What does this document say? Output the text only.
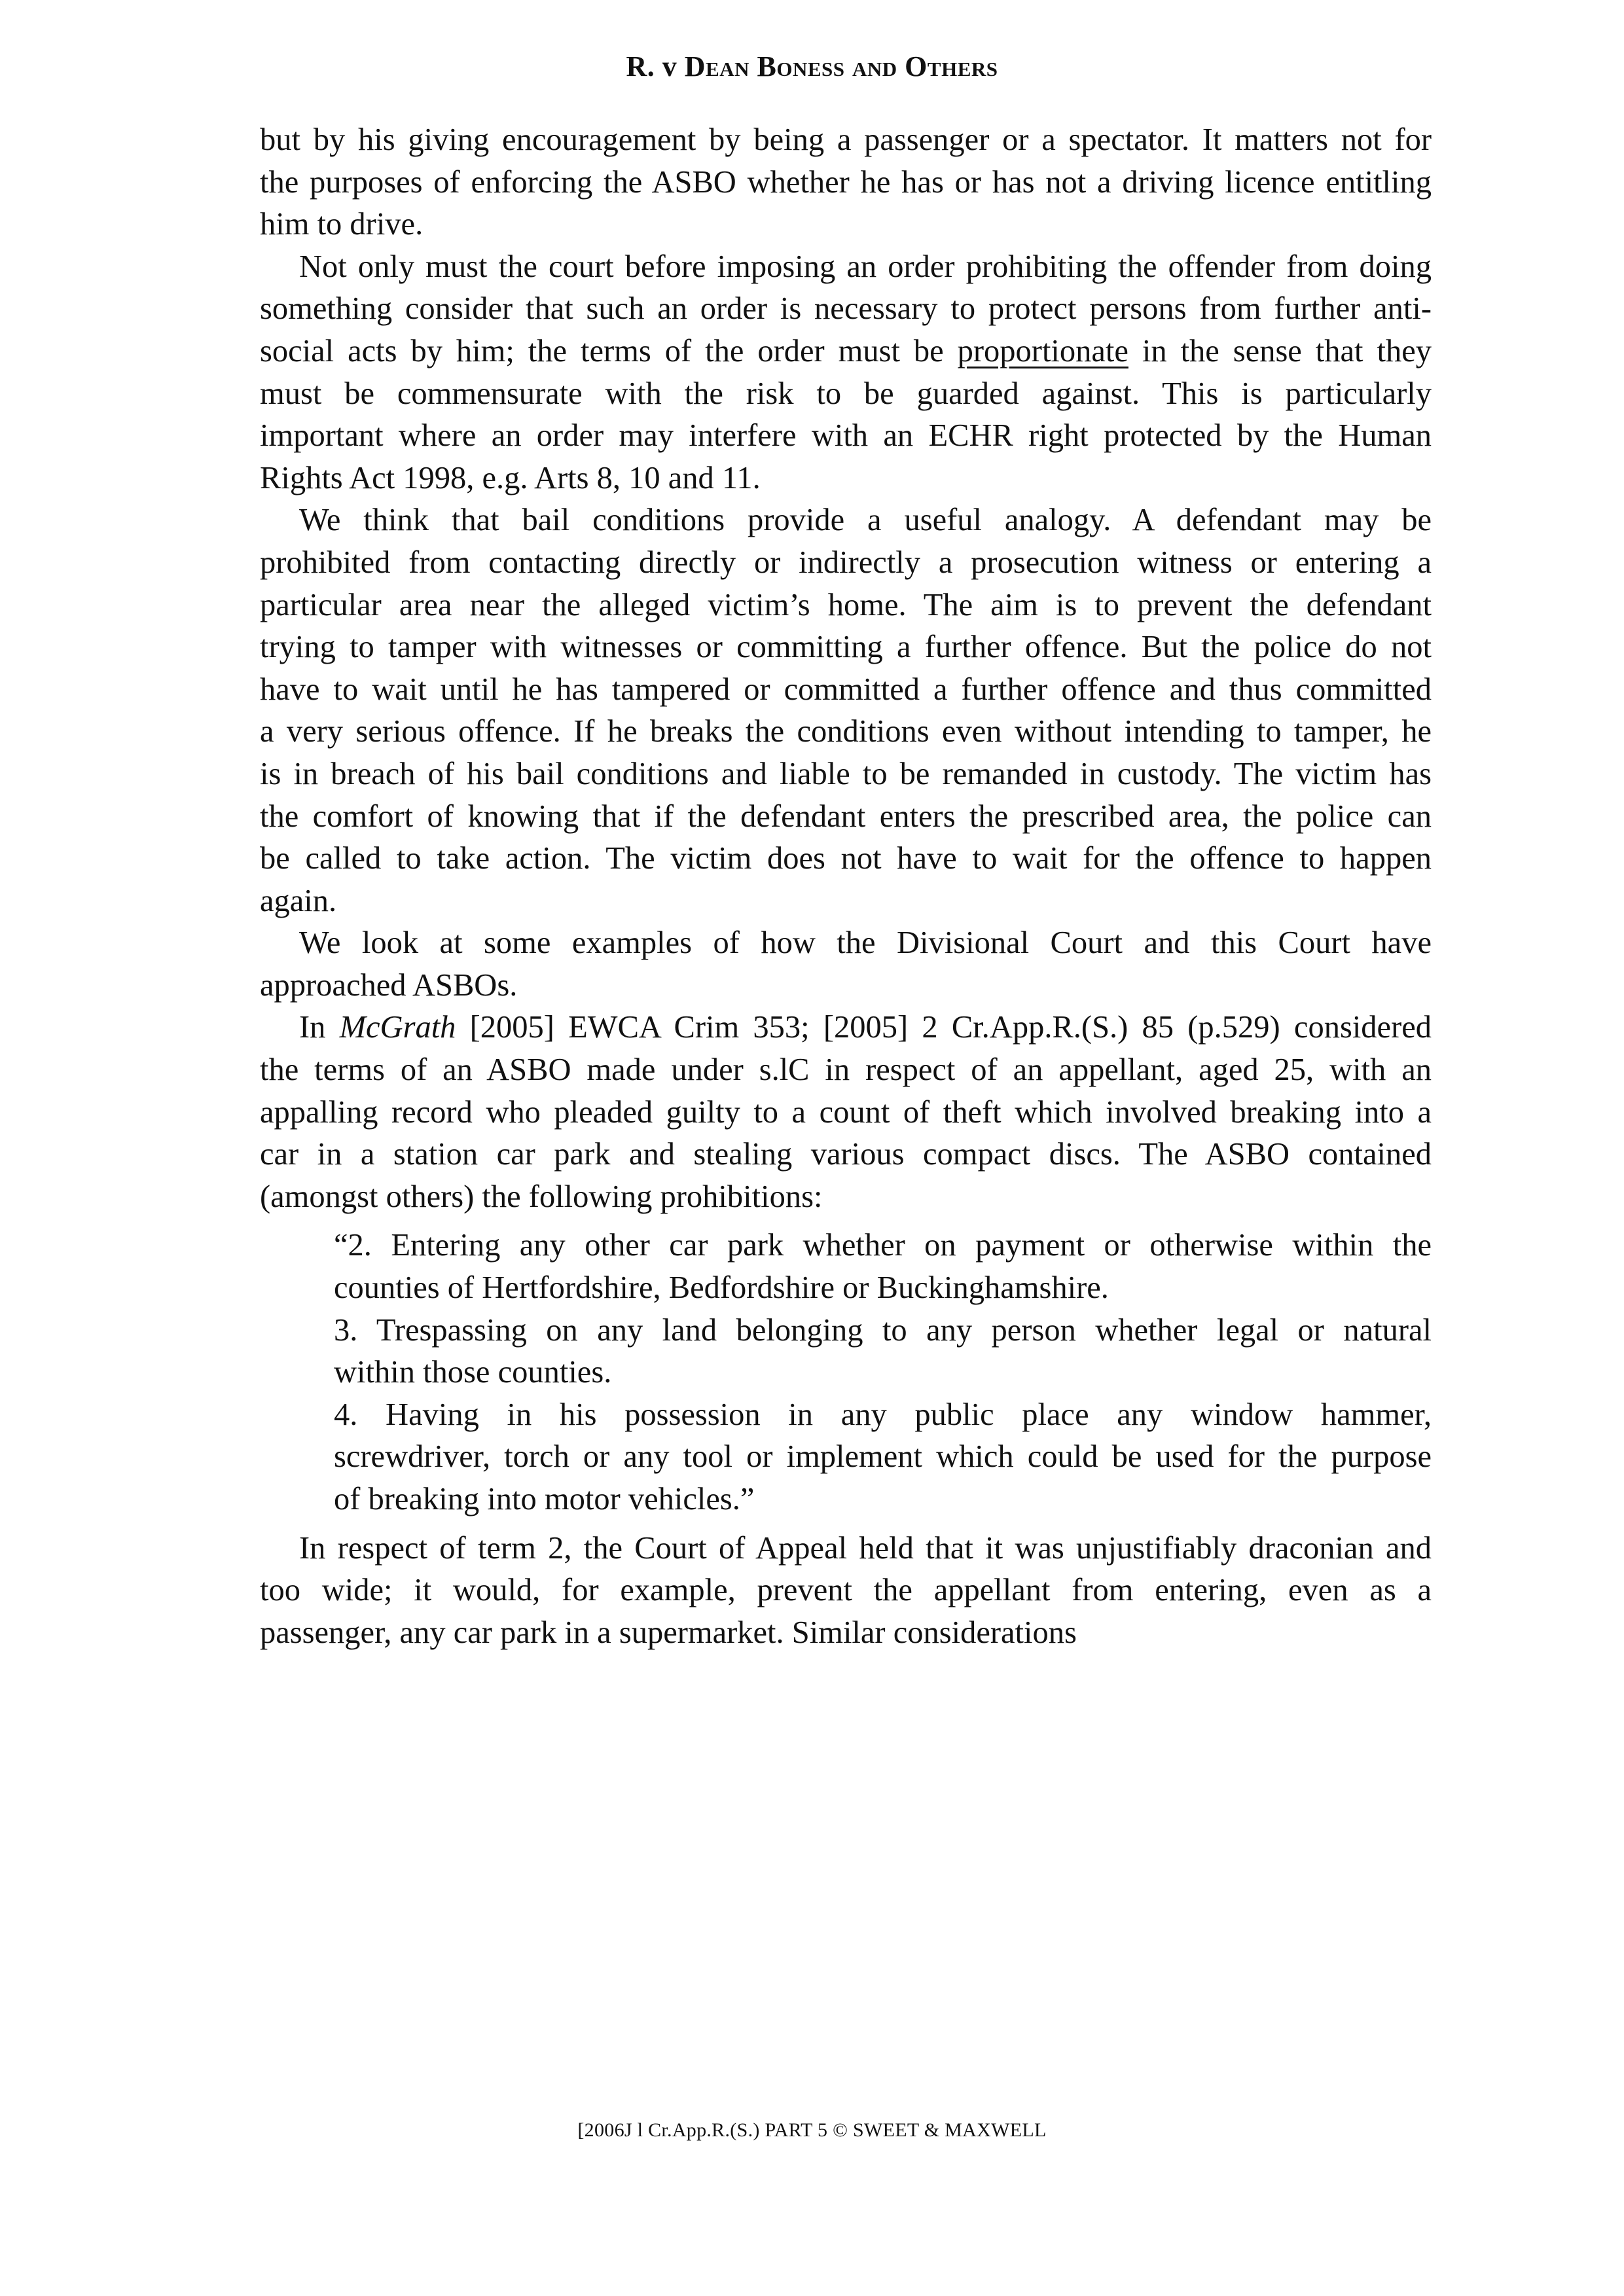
R. v Dean Boness and Others
but by his giving encouragement by being a passenger or a spectator. It matters not for
the purposes of enforcing the ASBO whether he has or has not a driving licence entitling
him to drive.
Not only must the court before imposing an order prohibiting the offender from doing
something consider that such an order is necessary to protect persons from further anti-
social acts by him; the terms of the order must be proportionate in the sense that they
must be commensurate with the risk to be guarded against. This is particularly
important where an order may interfere with an ECHR right protected by the Human
Rights Act 1998, e.g. Arts 8, 10 and 11.
We think that bail conditions provide a useful analogy. A defendant may be
prohibited from contacting directly or indirectly a prosecution witness or entering a
particular area near the alleged victim’s home. The aim is to prevent the defendant
trying to tamper with witnesses or committing a further offence. But the police do not
have to wait until he has tampered or committed a further offence and thus committed
a very serious offence. If he breaks the conditions even without intending to tamper, he
is in breach of his bail conditions and liable to be remanded in custody. The victim has
the comfort of knowing that if the defendant enters the prescribed area, the police can
be called to take action. The victim does not have to wait for the offence to happen
again.
We look at some examples of how the Divisional Court and this Court have
approached ASBOs.
In McGrath [2005] EWCA Crim 353; [2005] 2 Cr.App.R.(S.) 85 (p.529) considered
the terms of an ASBO made under s.lC in respect of an appellant, aged 25, with an
appalling record who pleaded guilty to a count of theft which involved breaking into a
car in a station car park and stealing various compact discs. The ASBO contained
(amongst others) the following prohibitions:
“2. Entering any other car park whether on payment or otherwise within the
counties of Hertfordshire, Bedfordshire or Buckinghamshire.
3. Trespassing on any land belonging to any person whether legal or natural
within those counties.
4. Having in his possession in any public place any window hammer,
screwdriver, torch or any tool or implement which could be used for the purpose
of breaking into motor vehicles.”
In respect of term 2, the Court of Appeal held that it was unjustifiably draconian and
too wide; it would, for example, prevent the appellant from entering, even as a
passenger, any car park in a supermarket. Similar considerations
[2006J l Cr.App.R.(S.) PART 5 © SWEET & MAXWELL
